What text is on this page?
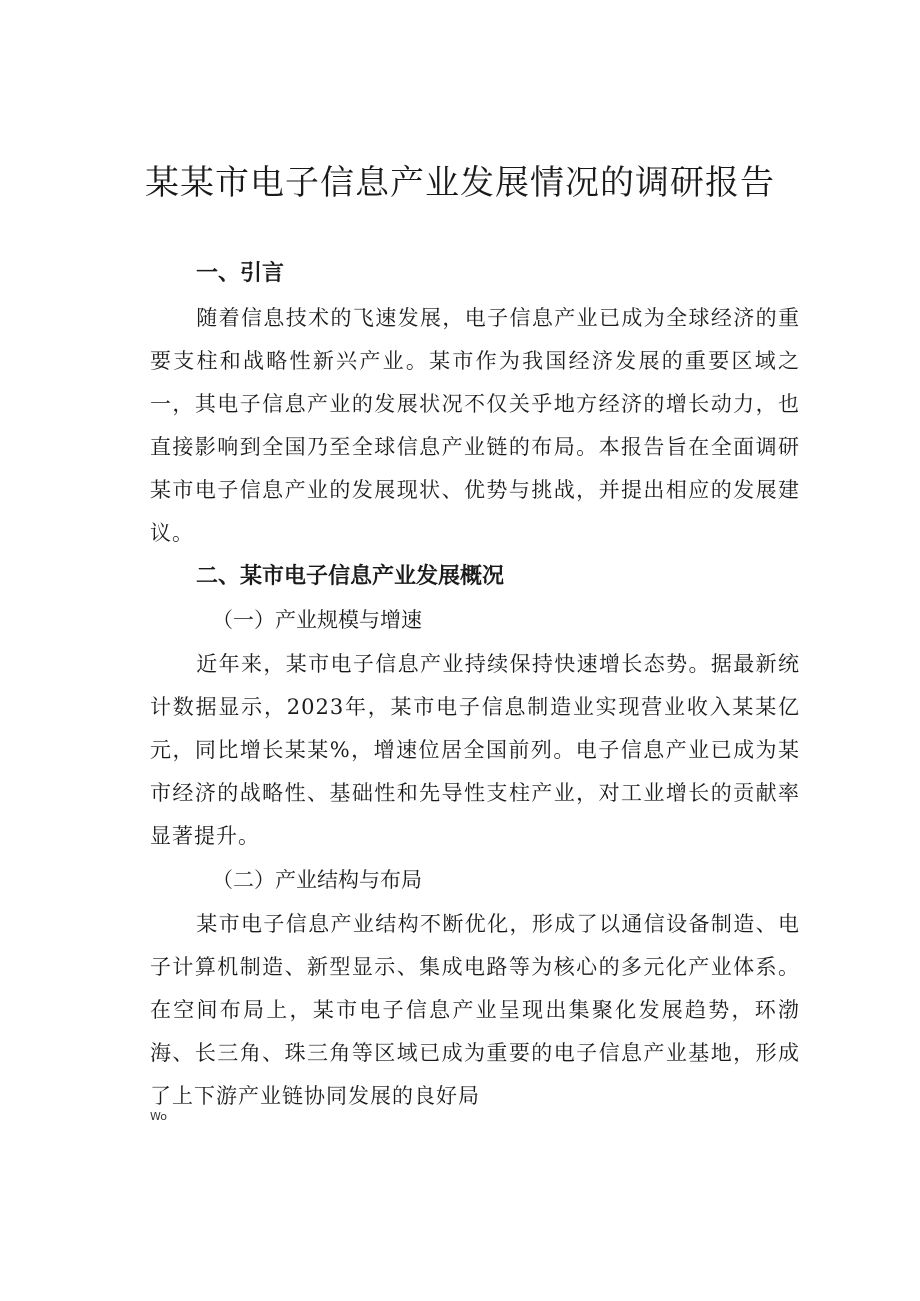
某某市电子信息产业发展情况的调研报告
一、引言

随着信息技术的飞速发展，电子信息产业已成为全球经济的重要支柱和战略性新兴产业。某市作为我国经济发展的重要区域之一，其电子信息产业的发展状况不仅关乎地方经济的增长动力，也直接影响到全国乃至全球信息产业链的布局。本报告旨在全面调研某市电子信息产业的发展现状、优势与挑战，并提出相应的发展建议。

二、某市电子信息产业发展概况
（一）产业规模与增速

近年来，某市电子信息产业持续保持快速增长态势。据最新统计数据显示，2023年，某市电子信息制造业实现营业收入某某亿元，同比增长某某%，增速位居全国前列。电子信息产业已成为某市经济的战略性、基础性和先导性支柱产业，对工业增长的贡献率显著提升。

（二）产业结构与布局

某市电子信息产业结构不断优化，形成了以通信设备制造、电子计算机制造、新型显示、集成电路等为核心的多元化产业体系。在空间布局上，某市电子信息产业呈现出集聚化发展趋势，环渤海、长三角、珠三角等区域已成为重要的电子信息产业基地，形成了上下游产业链协同发展的良好局

Wo
